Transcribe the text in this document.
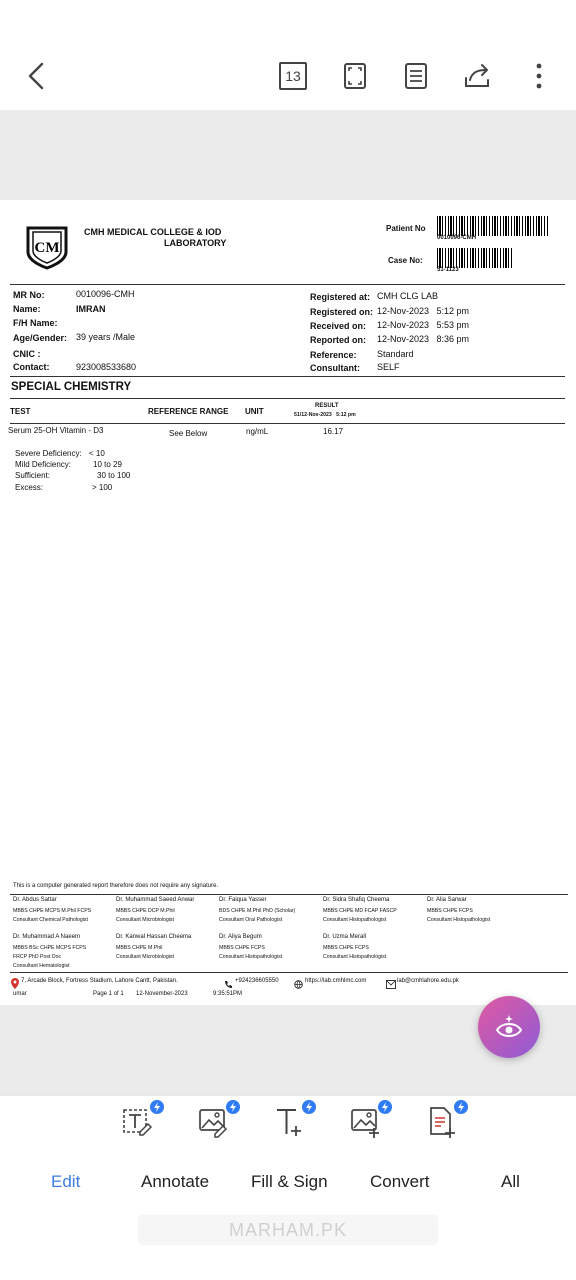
13
CM
CMH MEDICAL COLLEGE & IOD
LABORATORY
Patient No
0010096-CMH
Case No:
51-1123
MR No:	0010096-CMH
Name:	IMRAN
F/H Name:
Age/Gender: 39 years /Male
CNIC :
Contact:	923008533680
Registered at: CMH CLG LAB
Registered on: 12-Nov-2023   5:12 pm
Received on: 12-Nov-2023   5:53 pm
Reported on: 12-Nov-2023   8:36 pm
Reference: Standard
Consultant: SELF
SPECIAL CHEMISTRY
TEST	REFERENCE RANGE UNIT
RESULT
51/12-Nov-2023   5:12 pm
Serum 25-OH Vitamin - D3	See Below	ng/mL	16.17
Severe Deficiency: < 10
Mild Deficiency:	10 to 29
Sufficient:	30 to 100
Excess:	> 100
This is a computer generated report therefore does not require any signature.
Dr. Abdus Sattar
MBBS CHPE MCPS M.Phil FCPS
Consultant Chemical Pathologist
Dr. Muhammad Saeed Anwar
MBBS CHPE DCP M.Phil
Consultant Microbiologist
Dr. Faiqua Yasser
BDS CHPE M.Phil PhD (Scholar)
Consultant Oral Pathologist
Dr. Sidra Shafiq Cheema
MBBS CHPE MD FCAP FASCP
Consultant Histopathologist
Dr. Alia Sarwar
MBBS CHPE FCPS
Consultant Histopathologist
Dr. Muhammad A Naeem
MBBS BSc CHPE MCPS FCPS
FRCP PhD Post Doc
Consultant Hematologist
Dr. Kanwal Hassan Cheema
MBBS CHPE M.Phil
Consultant Microbiologist
Dr. Aliya Begum
MBBS CHPE FCPS
Consultant Histopathologist
Dr. Uzma Merall
MBBS CHPE FCPS
Consultant Histopathologist
7, Arcade Block, Fortress Stadium, Lahore Cantt, Pakistan.	+924236605550	https://lab.cmhlmc.com	lab@cmhlahore.edu.pk
umar	Page 1 of 1 12-November-2023	9:35:51PM
Edit	Annotate Fill & Sign Convert	All
MARHAM.PK
